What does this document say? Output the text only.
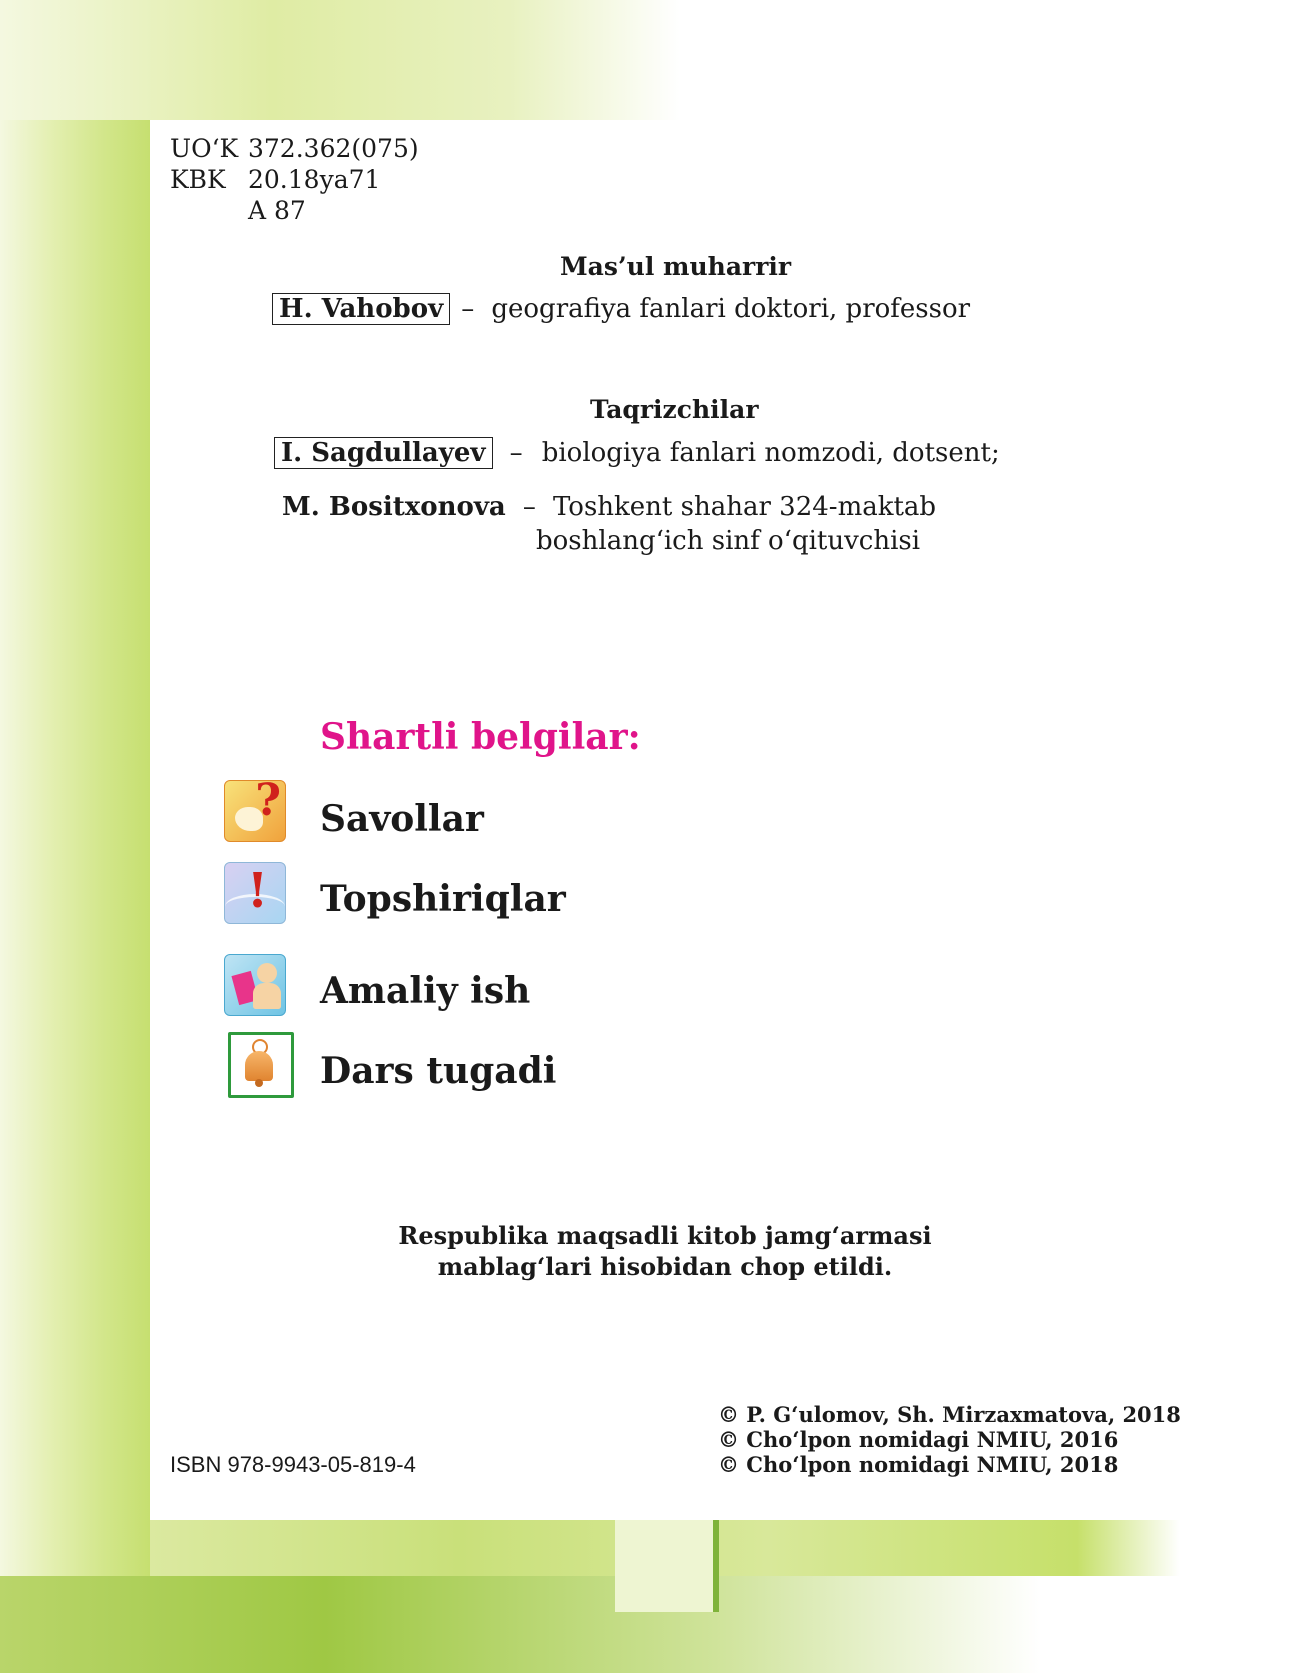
UO‘K 372.362(075)
KBK 20.18ya71
A 87
Mas’ul muharrir
H. Vahobov – geografiya fanlari doktori, professor
Taqrizchilar
I. Sagdullayev – biologiya fanlari nomzodi, dotsent;
M. Bositxonova – Toshkent shahar 324-maktab
boshlang‘ich sinf o‘qituvchisi
Shartli belgilar:
? Savollar
! Topshiriqlar
Amaliy ish
Dars tugadi
Respublika maqsadli kitob jamg‘armasi
mablag‘lari hisobidan chop etildi.
© P. G‘ulomov, Sh. Mirzaxmatova, 2018
© Cho‘lpon nomidagi NMIU, 2016
© Cho‘lpon nomidagi NMIU, 2018
ISBN 978-9943-05-819-4
